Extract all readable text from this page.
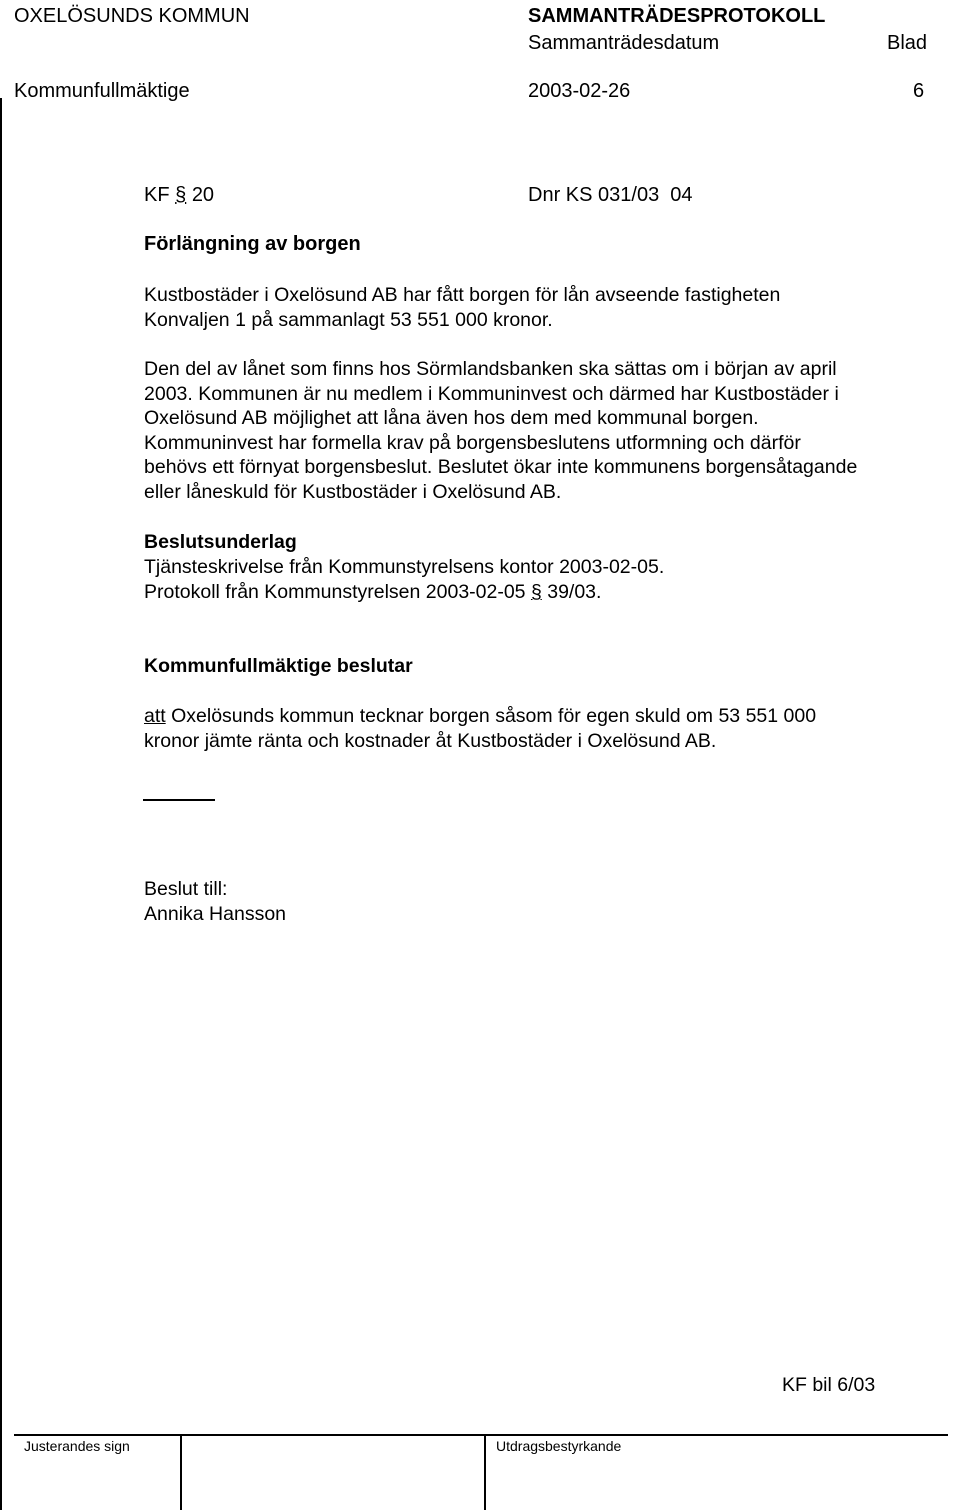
OXELÖSUNDS KOMMUN	SAMMANTRÄDESPROTOKOLL
Sammanträdesdatum	Blad
Kommunfullmäktige	2003-02-26	6
KF § 20	Dnr KS 031/03  04
Förlängning av borgen
Kustbostäder i Oxelösund AB har fått borgen för lån avseende fastigheten
Konvaljen 1 på sammanlagt 53 551 000 kronor.
Den del av lånet som finns hos Sörmlandsbanken ska sättas om i början av april
2003. Kommunen är nu medlem i Kommuninvest och därmed har Kustbostäder i
Oxelösund AB möjlighet att låna även hos dem med kommunal borgen.
Kommuninvest har formella krav på borgensbeslutens utformning och därför
behövs ett förnyat borgensbeslut. Beslutet ökar inte kommunens borgensåtagande
eller låneskuld för Kustbostäder i Oxelösund AB.
Beslutsunderlag
Tjänsteskrivelse från Kommunstyrelsens kontor 2003-02-05.
Protokoll från Kommunstyrelsen 2003-02-05 § 39/03.
Kommunfullmäktige beslutar
att Oxelösunds kommun tecknar borgen såsom för egen skuld om 53 551 000
kronor jämte ränta och kostnader åt Kustbostäder i Oxelösund AB.
Beslut till:
Annika Hansson
KF bil 6/03
Justerandes sign	Utdragsbestyrkande
